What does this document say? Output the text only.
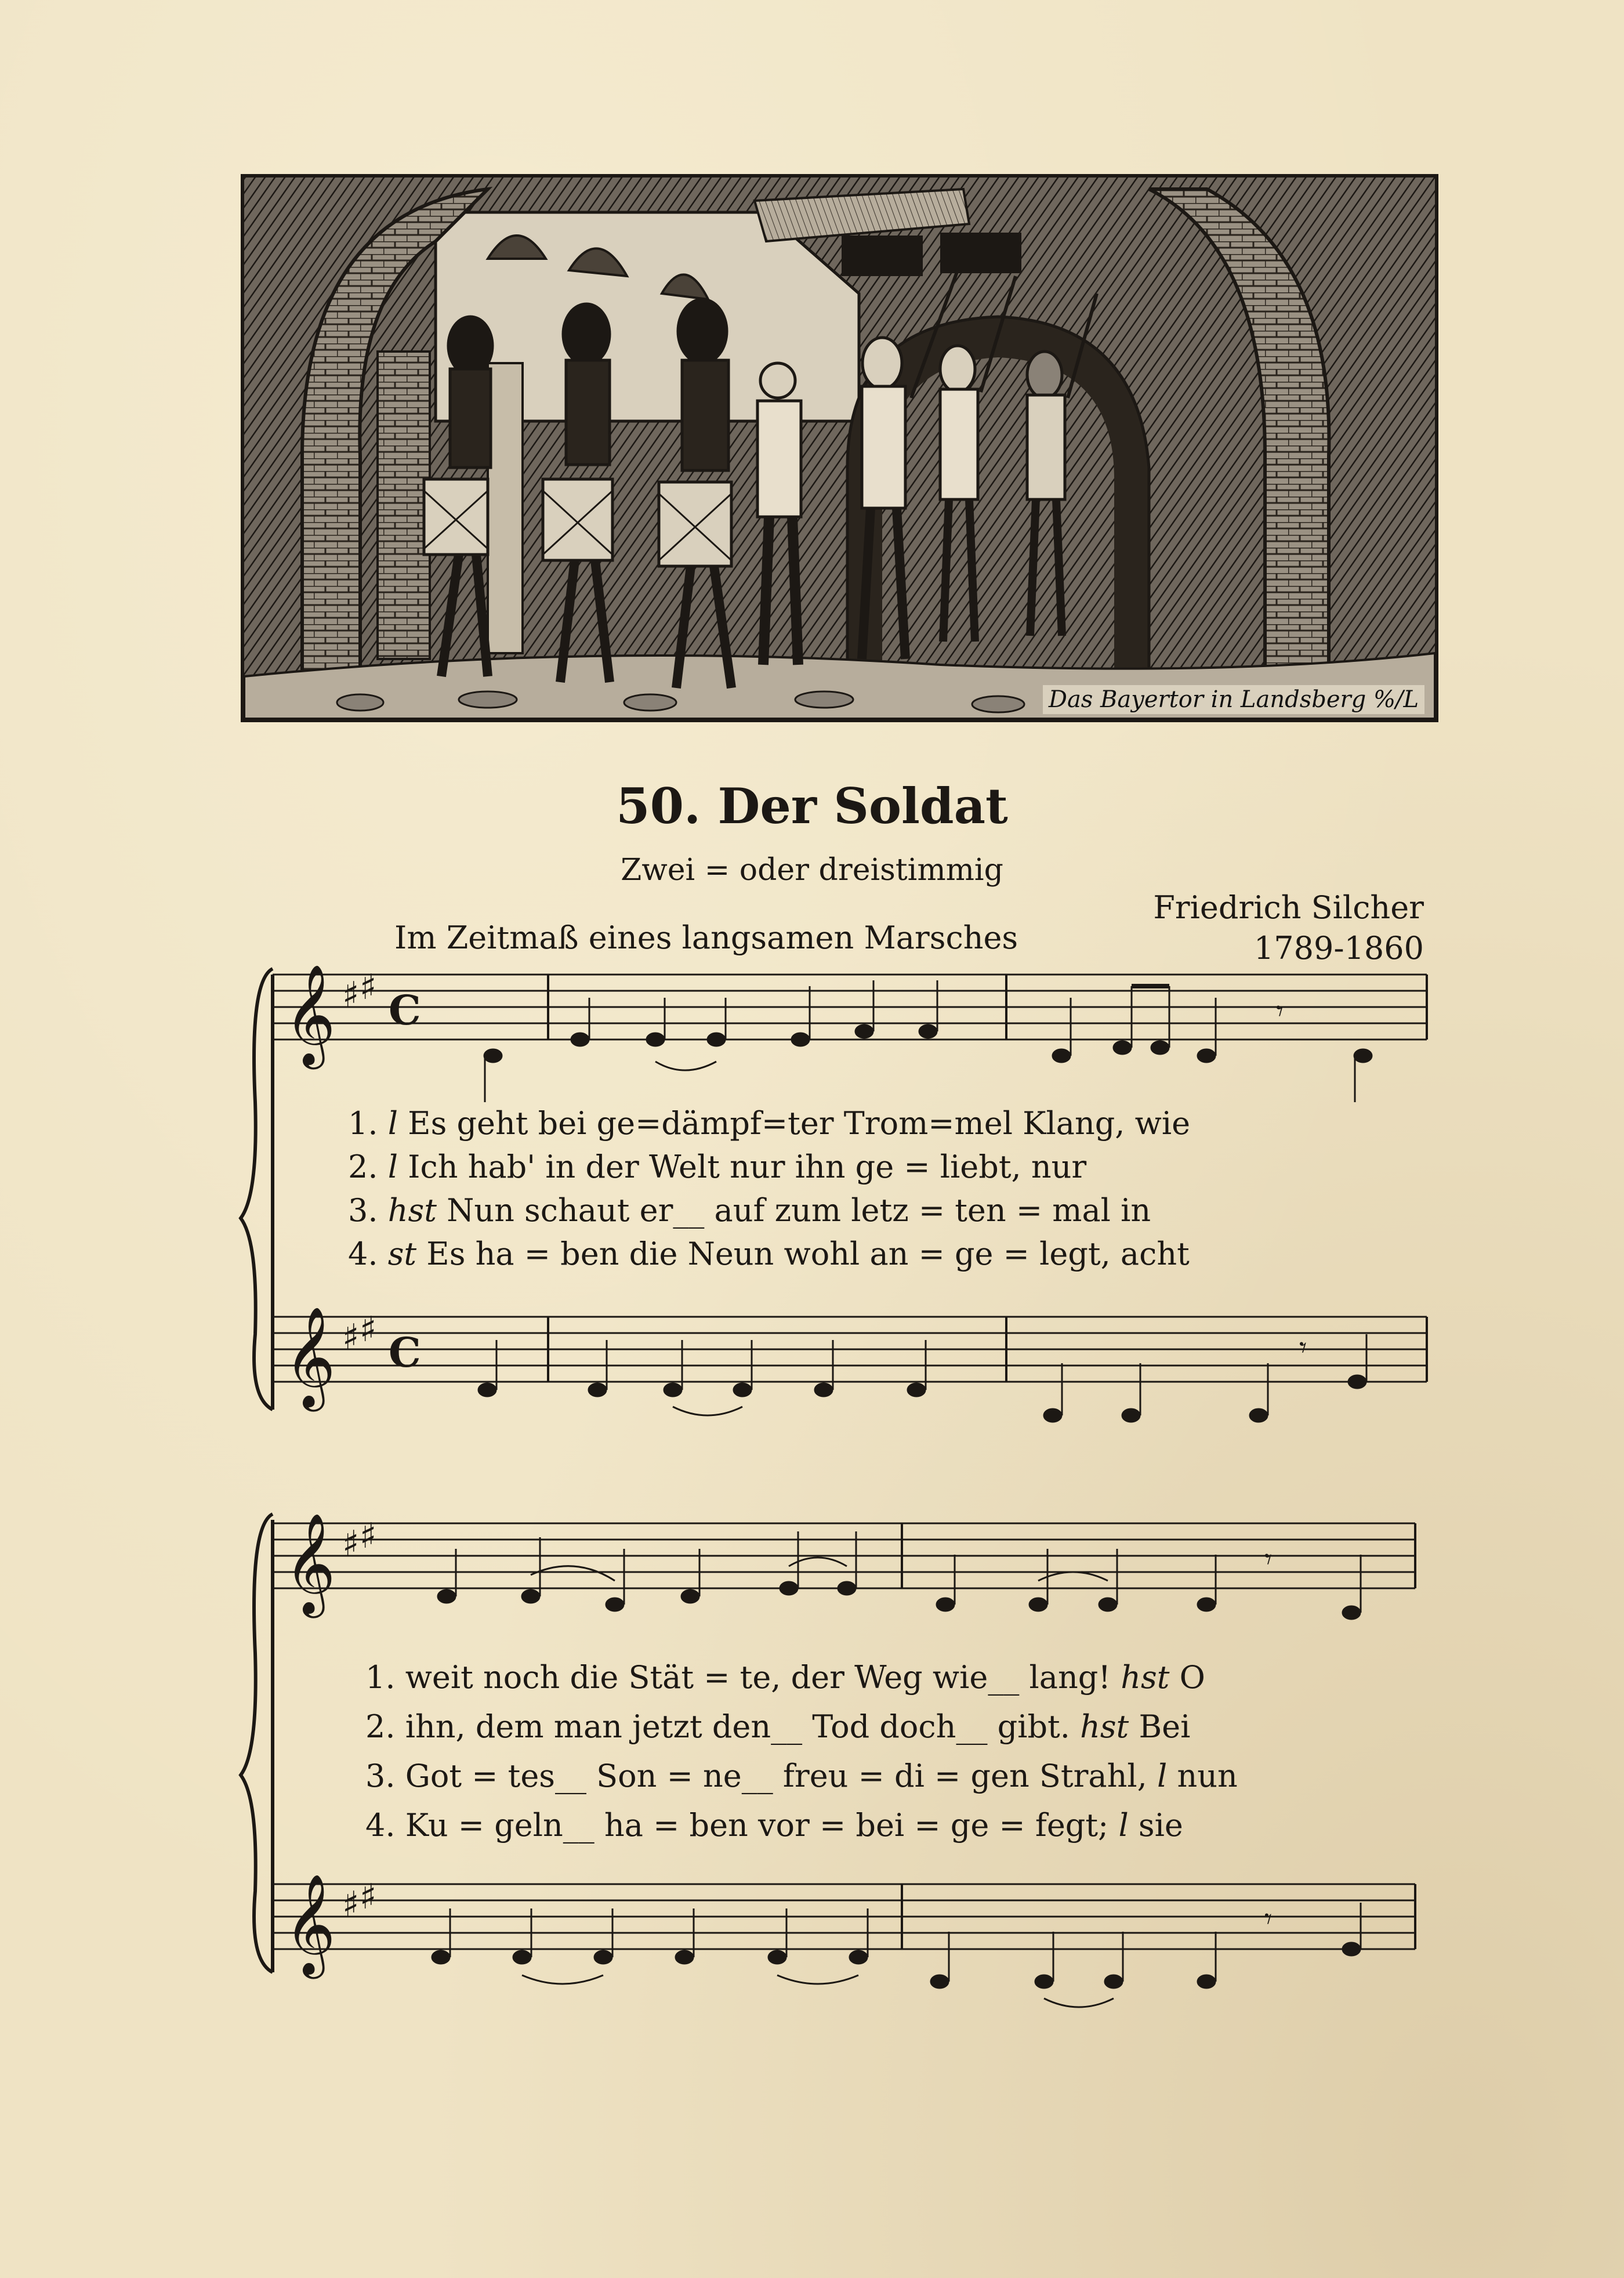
Das Bayertor in Landsberg %/L
50. Der Soldat
Zwei = oder dreistimmig
Friedrich Silcher
1789-1860
Im Zeitmaß eines langsamen Marsches
𝄞 ♯ ♯ C	𝄾
𝄞 ♯ ♯ C	𝄾
𝄞 ♯ ♯
𝄾
𝄞 ♯ ♯
𝄾
1. l Es geht bei ge=dämpf=ter Trom=mel Klang, wie
2. l Ich hab' in der Welt nur ihn ge = liebt, nur
3. hst Nun schaut er__ auf zum letz = ten = mal in
4. st Es ha = ben die Neun wohl an = ge = legt, acht
1. weit noch die Stät = te, der Weg wie__ lang! hst O
2. ihn, dem man jetzt den__ Tod doch__ gibt. hst Bei
3. Got = tes__ Son = ne__ freu = di = gen Strahl, l nun
4. Ku = geln__ ha = ben vor = bei = ge = fegt; l sie
